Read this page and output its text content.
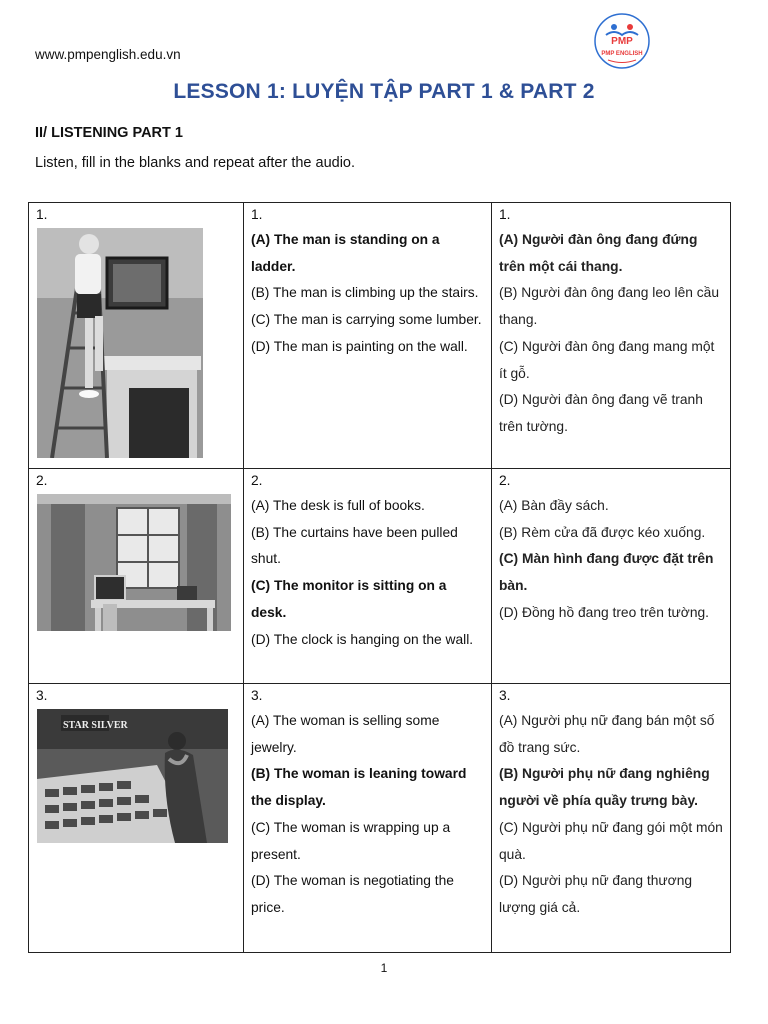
www.pmpenglish.edu.vn
PMP
PMP ENGLISH
LESSON 1: LUYỆN TẬP PART 1 & PART 2
II/ LISTENING PART 1
Listen, fill in the blanks and repeat after the audio.
1.	1.
(A) The man is standing on a ladder.
(B) The man is climbing up the stairs.
(C) The man is carrying some lumber.
(D) The man is painting on the wall.	1.
(A) Người đàn ông đang đứng trên một cái thang.
(B) Người đàn ông đang leo lên cầu thang.
(C) Người đàn ông đang mang một ít gỗ.
(D) Người đàn ông đang vẽ tranh trên tường.

2.	2.
(A) The desk is full of books.
(B) The curtains have been pulled shut.
(C) The monitor is sitting on a desk.
(D) The clock is hanging on the wall.	2.
(A) Bàn đầy sách.
(B) Rèm cửa đã được kéo xuống.
(C) Màn hình đang được đặt trên bàn.
(D) Đồng hồ đang treo trên tường.

3.
STAR SILVER	3.
(A) The woman is selling some jewelry.
(B) The woman is leaning toward the display.
(C) The woman is wrapping up a present.
(D) The woman is negotiating the price.	3.
(A) Người phụ nữ đang bán một số đồ trang sức.
(B) Người phụ nữ đang nghiêng người về phía quầy trưng bày.
(C) Người phụ nữ đang gói một món quà.
(D) Người phụ nữ đang thương lượng giá cả.
1
